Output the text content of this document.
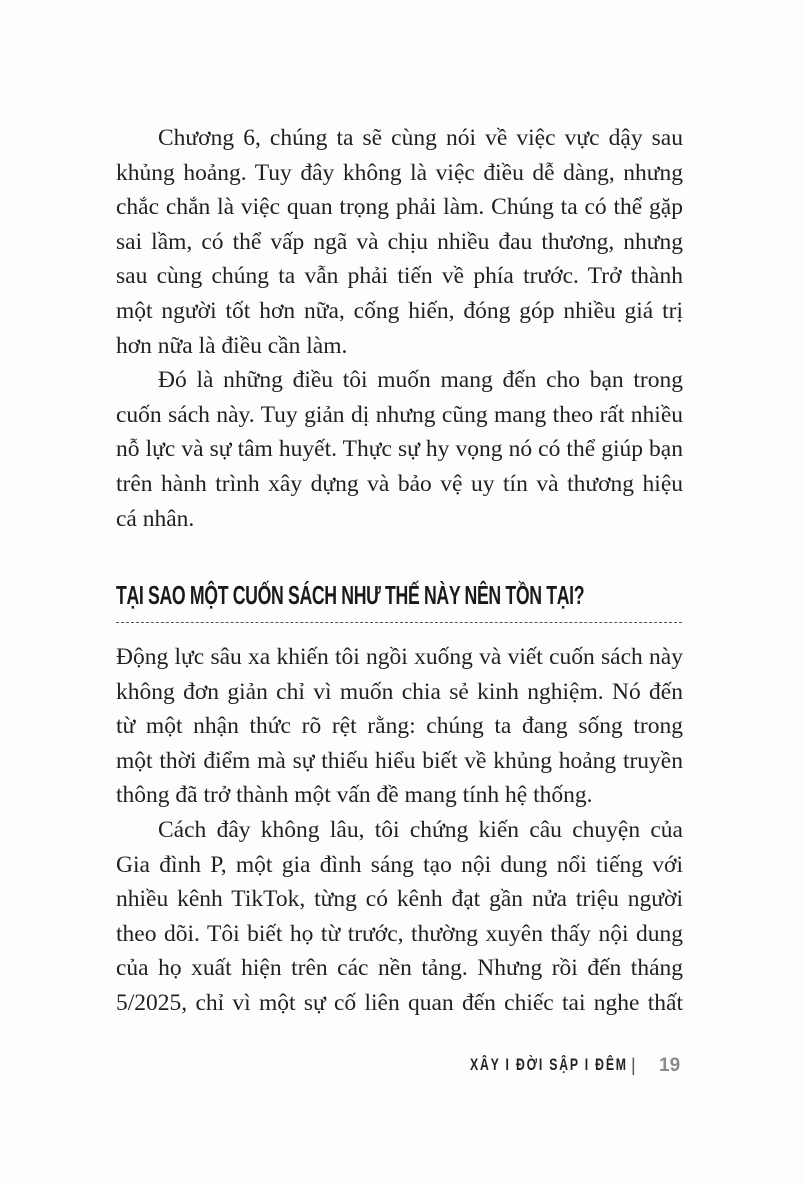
Chương 6, chúng ta sẽ cùng nói về việc vực dậy sau
khủng hoảng. Tuy đây không là việc điều dễ dàng, nhưng
chắc chắn là việc quan trọng phải làm. Chúng ta có thể gặp
sai lầm, có thể vấp ngã và chịu nhiều đau thương, nhưng
sau cùng chúng ta vẫn phải tiến về phía trước. Trở thành
một người tốt hơn nữa, cống hiến, đóng góp nhiều giá trị
hơn nữa là điều cần làm.
Đó là những điều tôi muốn mang đến cho bạn trong
cuốn sách này. Tuy giản dị nhưng cũng mang theo rất nhiều
nỗ lực và sự tâm huyết. Thực sự hy vọng nó có thể giúp bạn
trên hành trình xây dựng và bảo vệ uy tín và thương hiệu
cá nhân.
TẠI SAO MỘT CUỐN SÁCH NHƯ THẾ NÀY NÊN TỒN TẠI?
Động lực sâu xa khiến tôi ngồi xuống và viết cuốn sách này
không đơn giản chỉ vì muốn chia sẻ kinh nghiệm. Nó đến
từ một nhận thức rõ rệt rằng: chúng ta đang sống trong
một thời điểm mà sự thiếu hiểu biết về khủng hoảng truyền
thông đã trở thành một vấn đề mang tính hệ thống.
Cách đây không lâu, tôi chứng kiến câu chuyện của
Gia đình P, một gia đình sáng tạo nội dung nổi tiếng với
nhiều kênh TikTok, từng có kênh đạt gần nửa triệu người
theo dõi. Tôi biết họ từ trước, thường xuyên thấy nội dung
của họ xuất hiện trên các nền tảng. Nhưng rồi đến tháng
5/2025, chỉ vì một sự cố liên quan đến chiếc tai nghe thất
XÂY I ĐỜI SẬP I ĐÊM | 19
